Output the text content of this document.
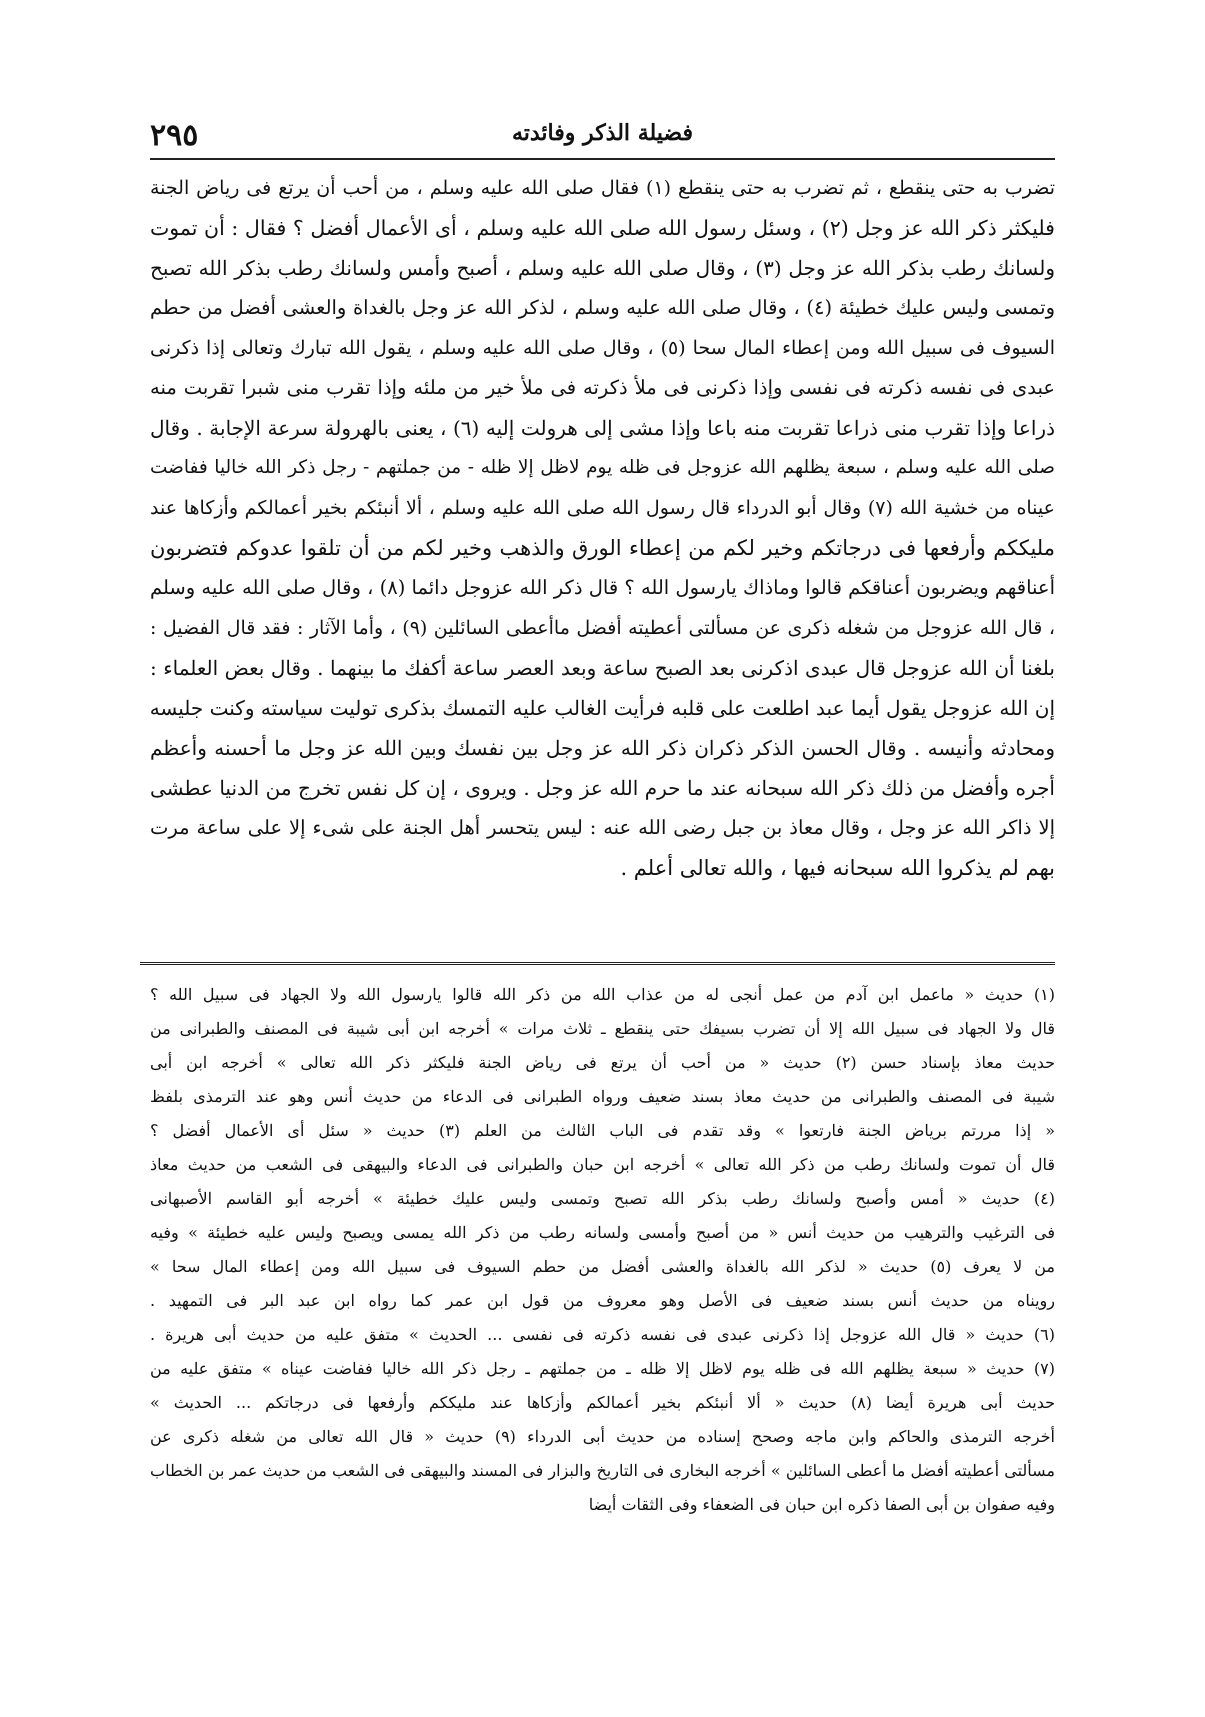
٢٩٥	فضيلة الذكر وفائدته
تضرب به حتى ينقطع ، ثم تضرب به حتى ينقطع (١) فقال صلى الله عليه وسلم ، من أحب أن يرتع فى رياض الجنة
فليكثر ذكر الله عز وجل (٢) ، وسئل رسول الله صلى الله عليه وسلم ، أى الأعمال أفضل ؟ فقال : أن تموت
ولسانك رطب بذكر الله عز وجل (٣) ، وقال صلى الله عليه وسلم ، أصبح وأمس ولسانك رطب بذكر الله تصبح
وتمسى وليس عليك خطيئة (٤) ، وقال صلى الله عليه وسلم ، لذكر الله عز وجل بالغداة والعشى أفضل من حطم
السيوف فى سبيل الله ومن إعطاء المال سحا (٥) ، وقال صلى الله عليه وسلم ، يقول الله تبارك وتعالى إذا ذكرنى
عبدى فى نفسه ذكرته فى نفسى وإذا ذكرنى فى ملأ ذكرته فى ملأ خير من ملئه وإذا تقرب منى شبرا تقربت منه
ذراعا وإذا تقرب منى ذراعا تقربت منه باعا وإذا مشى إلى هرولت إليه (٦) ، يعنى بالهرولة سرعة الإجابة . وقال
صلى الله عليه وسلم ، سبعة يظلهم الله عزوجل فى ظله يوم لاظل إلا ظله - من جملتهم - رجل ذكر الله خاليا ففاضت
عيناه من خشية الله (٧) وقال أبو الدرداء قال رسول الله صلى الله عليه وسلم ، ألا أنبئكم بخير أعمالكم وأزكاها عند
مليككم وأرفعها فى درجاتكم وخير لكم من إعطاء الورق والذهب وخير لكم من أن تلقوا عدوكم فتضربون
أعناقهم ويضربون أعناقكم قالوا وماذاك يارسول الله ؟ قال ذكر الله عزوجل دائما (٨) ، وقال صلى الله عليه وسلم
، قال الله عزوجل من شغله ذكرى عن مسألتى أعطيته أفضل ماأعطى السائلين (٩) ، وأما الآثار : فقد قال الفضيل :
بلغنا أن الله عزوجل قال عبدى اذكرنى بعد الصبح ساعة وبعد العصر ساعة أكفك ما بينهما . وقال بعض العلماء :
إن الله عزوجل يقول أيما عبد اطلعت على قلبه فرأيت الغالب عليه التمسك بذكرى توليت سياسته وكنت جليسه
ومحادثه وأنيسه . وقال الحسن الذكر ذكران ذكر الله عز وجل بين نفسك وبين الله عز وجل ما أحسنه وأعظم
أجره وأفضل من ذلك ذكر الله سبحانه عند ما حرم الله عز وجل . ويروى ، إن كل نفس تخرج من الدنيا عطشى
إلا ذاكر الله عز وجل ، وقال معاذ بن جبل رضى الله عنه : ليس يتحسر أهل الجنة على شىء إلا على ساعة مرت
بهم لم يذكروا الله سبحانه فيها ، والله تعالى أعلم .
(١) حديث « ماعمل ابن آدم من عمل أنجى له من عذاب الله من ذكر الله قالوا يارسول الله ولا الجهاد فى سبيل الله ؟
قال ولا الجهاد فى سبيل الله إلا أن تضرب بسيفك حتى ينقطع ـ ثلاث مرات » أخرجه ابن أبى شيبة فى المصنف والطبرانى من
حديث معاذ بإسناد حسن (٢) حديث « من أحب أن يرتع فى رياض الجنة فليكثر ذكر الله تعالى » أخرجه ابن أبى
شيبة فى المصنف والطبرانى من حديث معاذ بسند ضعيف ورواه الطبرانى فى الدعاء من حديث أنس وهو عند الترمذى بلفظ
« إذا مررتم برياض الجنة فارتعوا » وقد تقدم فى الباب الثالث من العلم (٣) حديث « سئل أى الأعمال أفضل ؟
قال أن تموت ولسانك رطب من ذكر الله تعالى » أخرجه ابن حبان والطبرانى فى الدعاء والبيهقى فى الشعب من حديث معاذ
(٤) حديث « أمس وأصبح ولسانك رطب بذكر الله تصبح وتمسى وليس عليك خطيئة » أخرجه أبو القاسم الأصبهانى
فى الترغيب والترهيب من حديث أنس « من أصبح وأمسى ولسانه رطب من ذكر الله يمسى ويصبح وليس عليه خطيئة » وفيه
من لا يعرف (٥) حديث « لذكر الله بالغداة والعشى أفضل من حطم السيوف فى سبيل الله ومن إعطاء المال سحا »
رويناه من حديث أنس بسند ضعيف فى الأصل وهو معروف من قول ابن عمر كما رواه ابن عبد البر فى التمهيد .
(٦) حديث « قال الله عزوجل إذا ذكرنى عبدى فى نفسه ذكرته فى نفسى ... الحديث » متفق عليه من حديث أبى هريرة .
(٧) حديث « سبعة يظلهم الله فى ظله يوم لاظل إلا ظله ـ من جملتهم ـ رجل ذكر الله خاليا ففاضت عيناه » متفق عليه من
حديث أبى هريرة أيضا (٨) حديث « ألا أنبئكم بخير أعمالكم وأزكاها عند مليككم وأرفعها فى درجاتكم ... الحديث »
أخرجه الترمذى والحاكم وابن ماجه وصحح إسناده من حديث أبى الدرداء (٩) حديث « قال الله تعالى من شغله ذكرى عن
مسألتى أعطيته أفضل ما أعطى السائلين » أخرجه البخارى فى التاريخ والبزار فى المسند والبيهقى فى الشعب من حديث عمر بن الخطاب
وفيه صفوان بن أبى الصفا ذكره ابن حبان فى الضعفاء وفى الثقات أيضا
